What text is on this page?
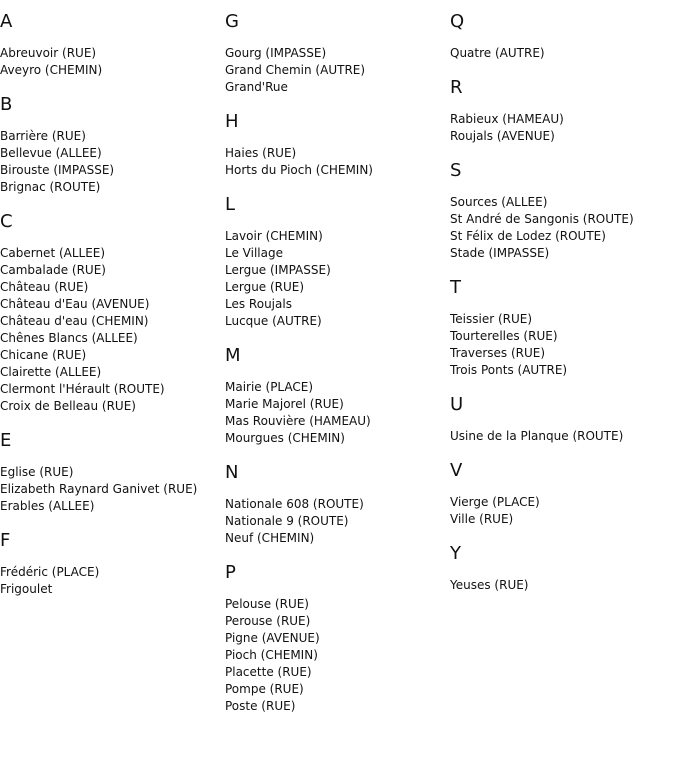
A
Abreuvoir (RUE)
Aveyro (CHEMIN)
B
Barrière (RUE)
Bellevue (ALLEE)
Birouste (IMPASSE)
Brignac (ROUTE)
C
Cabernet (ALLEE)
Cambalade (RUE)
Château (RUE)
Château d'Eau (AVENUE)
Château d'eau (CHEMIN)
Chênes Blancs (ALLEE)
Chicane (RUE)
Clairette (ALLEE)
Clermont l'Hérault (ROUTE)
Croix de Belleau (RUE)
E
Eglise (RUE)
Elizabeth Raynard Ganivet (RUE)
Erables (ALLEE)
F
Frédéric (PLACE)
Frigoulet
G
Gourg (IMPASSE)
Grand Chemin (AUTRE)
Grand'Rue
H
Haies (RUE)
Horts du Pioch (CHEMIN)
L
Lavoir (CHEMIN)
Le Village
Lergue (IMPASSE)
Lergue (RUE)
Les Roujals
Lucque (AUTRE)
M
Mairie (PLACE)
Marie Majorel (RUE)
Mas Rouvière (HAMEAU)
Mourgues (CHEMIN)
N
Nationale 608 (ROUTE)
Nationale 9 (ROUTE)
Neuf (CHEMIN)
P
Pelouse (RUE)
Perouse (RUE)
Pigne (AVENUE)
Pioch (CHEMIN)
Placette (RUE)
Pompe (RUE)
Poste (RUE)
Q
Quatre (AUTRE)
R
Rabieux (HAMEAU)
Roujals (AVENUE)
S
Sources (ALLEE)
St André de Sangonis (ROUTE)
St Félix de Lodez (ROUTE)
Stade (IMPASSE)
T
Teissier (RUE)
Tourterelles (RUE)
Traverses (RUE)
Trois Ponts (AUTRE)
U
Usine de la Planque (ROUTE)
V
Vierge (PLACE)
Ville (RUE)
Y
Yeuses (RUE)
